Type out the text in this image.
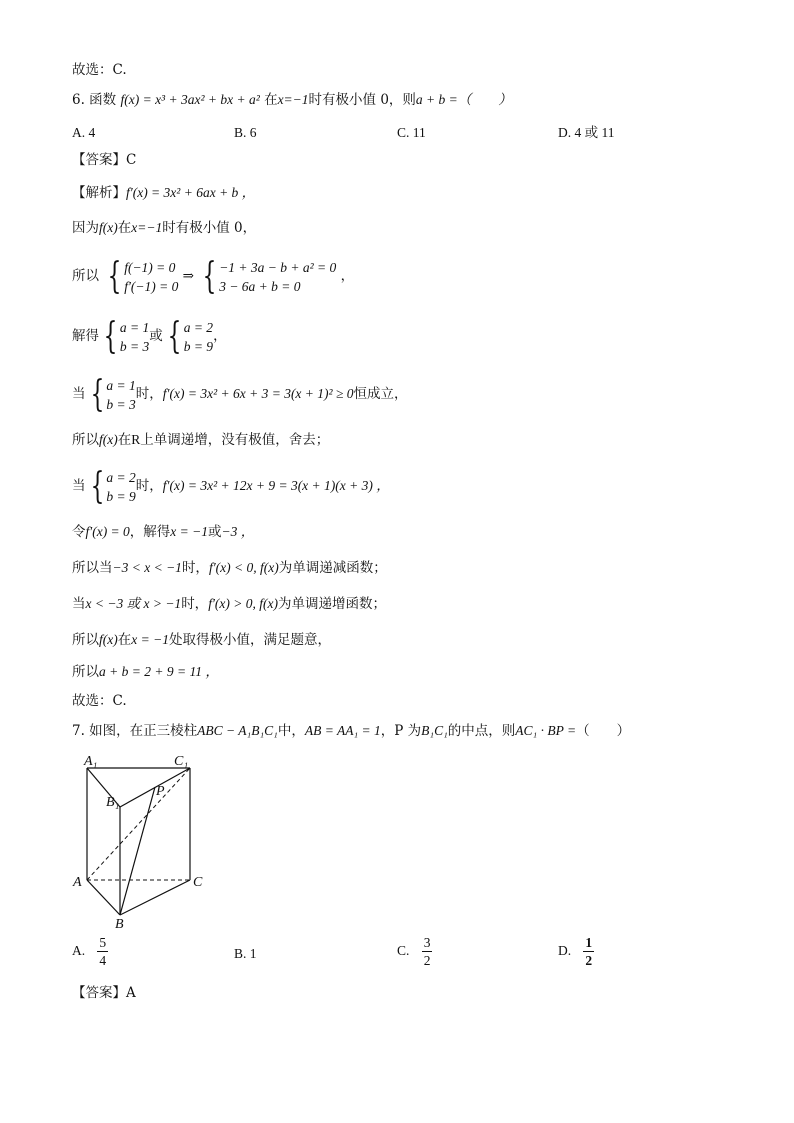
故选：C.
6. 函数 f(x) = x³ + 3ax² + bx + a² 在x=−1时有极小值 0，则a + b =（　　）
A. 4	B. 6	C. 11	D. 4 或 11
【答案】C
【解析】f′(x) = 3x² + 6ax + b ，
因为f(x)在x=−1时有极小值 0，
所以 { f(−1) = 0
f′(−1) = 0
⇒ { −1 + 3a − b + a² = 0
3 − 6a + b = 0
，
解得 { a = 1
b = 3
或 { a = 2
b = 9
，
当 { a = 1
b = 3
时，f′(x) = 3x² + 6x + 3 = 3(x + 1)² ≥ 0恒成立，
所以f(x)在R上单调递增，没有极值，舍去；
当 { a = 2
b = 9
时，f′(x) = 3x² + 12x + 9 = 3(x + 1)(x + 3) ，
令f′(x) = 0，解得x = −1或−3 ，
所以当−3 < x < −1时，f′(x) < 0, f(x)为单调递减函数；
当x < −3 或 x > −1时，f′(x) > 0, f(x)为单调递增函数；
所以f(x)在x = −1处取得极小值，满足题意，
所以a + b = 2 + 9 = 11 ，
故选：C.
7. 如图，在正三棱柱ABC − A₁B₁C₁中，AB = AA₁ = 1，P 为B₁C₁的中点，则AC₁ · BP =（　　）
A₁	C₁
B₁
P
A	C
B
A. $\frac{5}{4}$	B. 1	C. $\frac{3}{2}$	D. $\frac{1}{2}$
【答案】A
